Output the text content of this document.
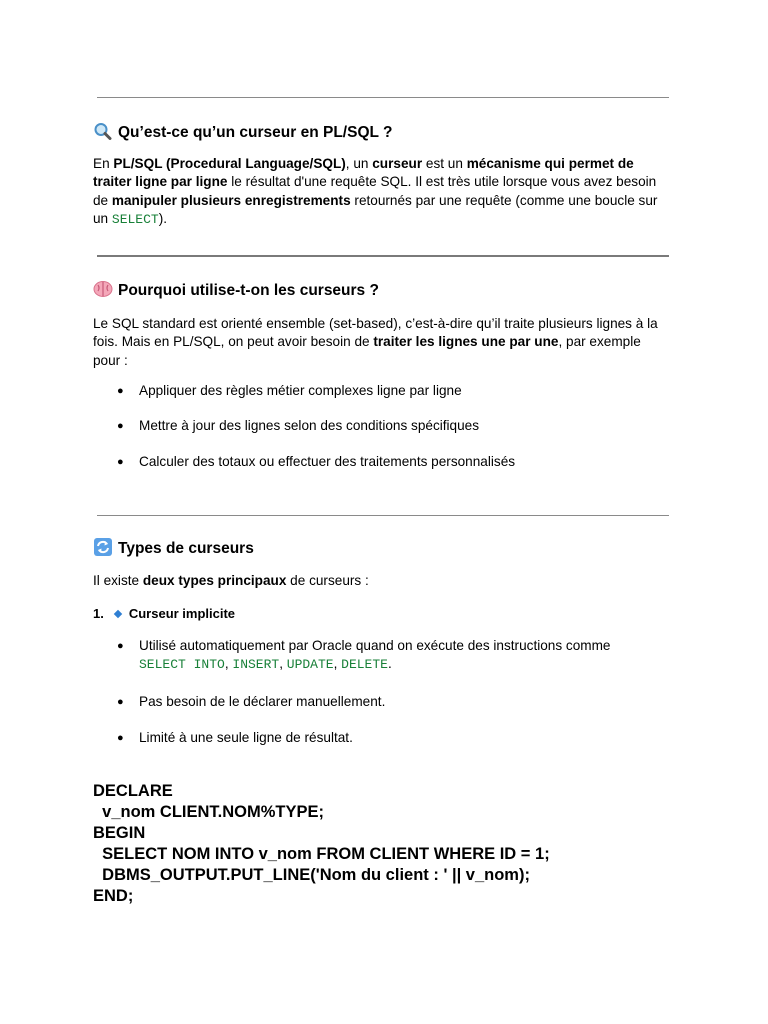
Qu’est-ce qu’un curseur en PL/SQL ?
En PL/SQL (Procedural Language/SQL), un curseur est un mécanisme qui permet de traiter ligne par ligne le résultat d'une requête SQL. Il est très utile lorsque vous avez besoin de manipuler plusieurs enregistrements retournés par une requête (comme une boucle sur un SELECT).
Pourquoi utilise-t-on les curseurs ?
Le SQL standard est orienté ensemble (set-based), c’est-à-dire qu’il traite plusieurs lignes à la fois. Mais en PL/SQL, on peut avoir besoin de traiter les lignes une par une, par exemple pour :
● Appliquer des règles métier complexes ligne par ligne
● Mettre à jour des lignes selon des conditions spécifiques
● Calculer des totaux ou effectuer des traitements personnalisés
Types de curseurs
Il existe deux types principaux de curseurs :
1. Curseur implicite
● Utilisé automatiquement par Oracle quand on exécute des instructions comme SELECT INTO, INSERT, UPDATE, DELETE.
● Pas besoin de le déclarer manuellement.
● Limité à une seule ligne de résultat.
DECLARE
v_nom CLIENT.NOM%TYPE;
BEGIN
SELECT NOM INTO v_nom FROM CLIENT WHERE ID = 1;
DBMS_OUTPUT.PUT_LINE('Nom du client : ' || v_nom);
END;
